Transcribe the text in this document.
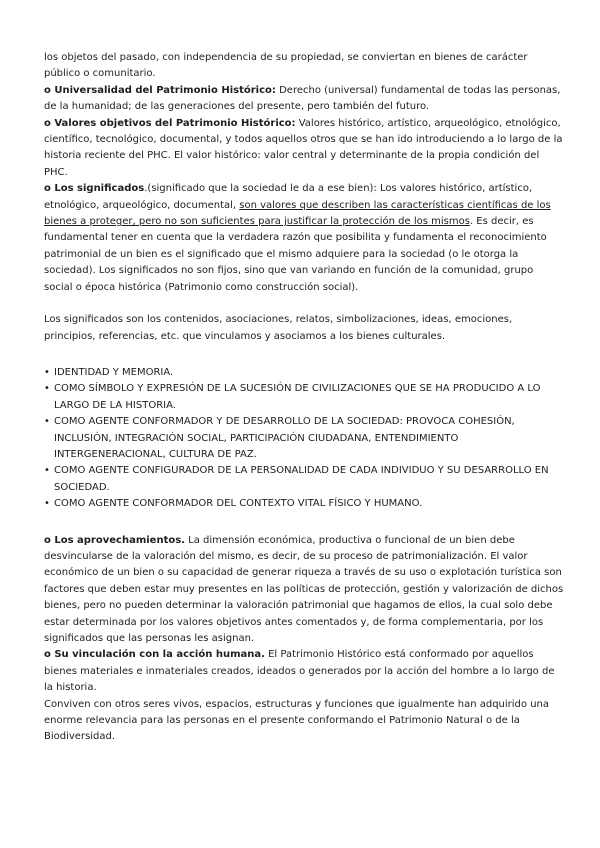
los objetos del pasado, con independencia de su propiedad, se conviertan en bienes de carácter público o comunitario.

o Universalidad del Patrimonio Histórico: Derecho (universal) fundamental de todas las personas, de la humanidad; de las generaciones del presente, pero también del futuro.

o Valores objetivos del Patrimonio Histórico: Valores histórico, artístico, arqueológico, etnológico, científico, tecnológico, documental, y todos aquellos otros que se han ido introduciendo a lo largo de la historia reciente del PHC. El valor histórico: valor central y determinante de la propia condición del PHC.

o Los significados.(significado que la sociedad le da a ese bien): Los valores histórico, artístico, etnológico, arqueológico, documental, son valores que describen las características científicas de los bienes a proteger, pero no son suficientes para justificar la protección de los mismos. Es decir, es fundamental tener en cuenta que la verdadera razón que posibilita y fundamenta el reconocimiento patrimonial de un bien es el significado que el mismo adquiere para la sociedad (o le otorga la sociedad). Los significados no son fijos, sino que van variando en función de la comunidad, grupo social o época histórica (Patrimonio como construcción social).

Los significados son los contenidos, asociaciones, relatos, simbolizaciones, ideas, emociones, principios, referencias, etc. que vinculamos y asociamos a los bienes culturales.

• IDENTIDAD Y MEMORIA.
• COMO SÍMBOLO Y EXPRESIÓN DE LA SUCESIÓN DE CIVILIZACIONES QUE SE HA PRODUCIDO A LO LARGO DE LA HISTORIA.
• COMO AGENTE CONFORMADOR Y DE DESARROLLO DE LA SOCIEDAD: PROVOCA COHESIÓN, INCLUSIÓN, INTEGRACIÓN SOCIAL, PARTICIPACIÓN CIUDADANA, ENTENDIMIENTO INTERGENERACIONAL, CULTURA DE PAZ.
• COMO AGENTE CONFIGURADOR DE LA PERSONALIDAD DE CADA INDIVIDUO Y SU DESARROLLO EN SOCIEDAD.
• COMO AGENTE CONFORMADOR DEL CONTEXTO VITAL FÍSICO Y HUMANO.

o Los aprovechamientos. La dimensión económica, productiva o funcional de un bien debe desvincularse de la valoración del mismo, es decir, de su proceso de patrimonialización. El valor económico de un bien o su capacidad de generar riqueza a través de su uso o explotación turística son factores que deben estar muy presentes en las políticas de protección, gestión y valorización de dichos bienes, pero no pueden determinar la valoración patrimonial que hagamos de ellos, la cual solo debe estar determinada por los valores objetivos antes comentados y, de forma complementaria, por los significados que las personas les asignan.

o Su vinculación con la acción humana. El Patrimonio Histórico está conformado por aquellos bienes materiales e inmateriales creados, ideados o generados por la acción del hombre a lo largo de la historia.

Conviven con otros seres vivos, espacios, estructuras y funciones que igualmente han adquirido una enorme relevancia para las personas en el presente conformando el Patrimonio Natural o de la Biodiversidad.
